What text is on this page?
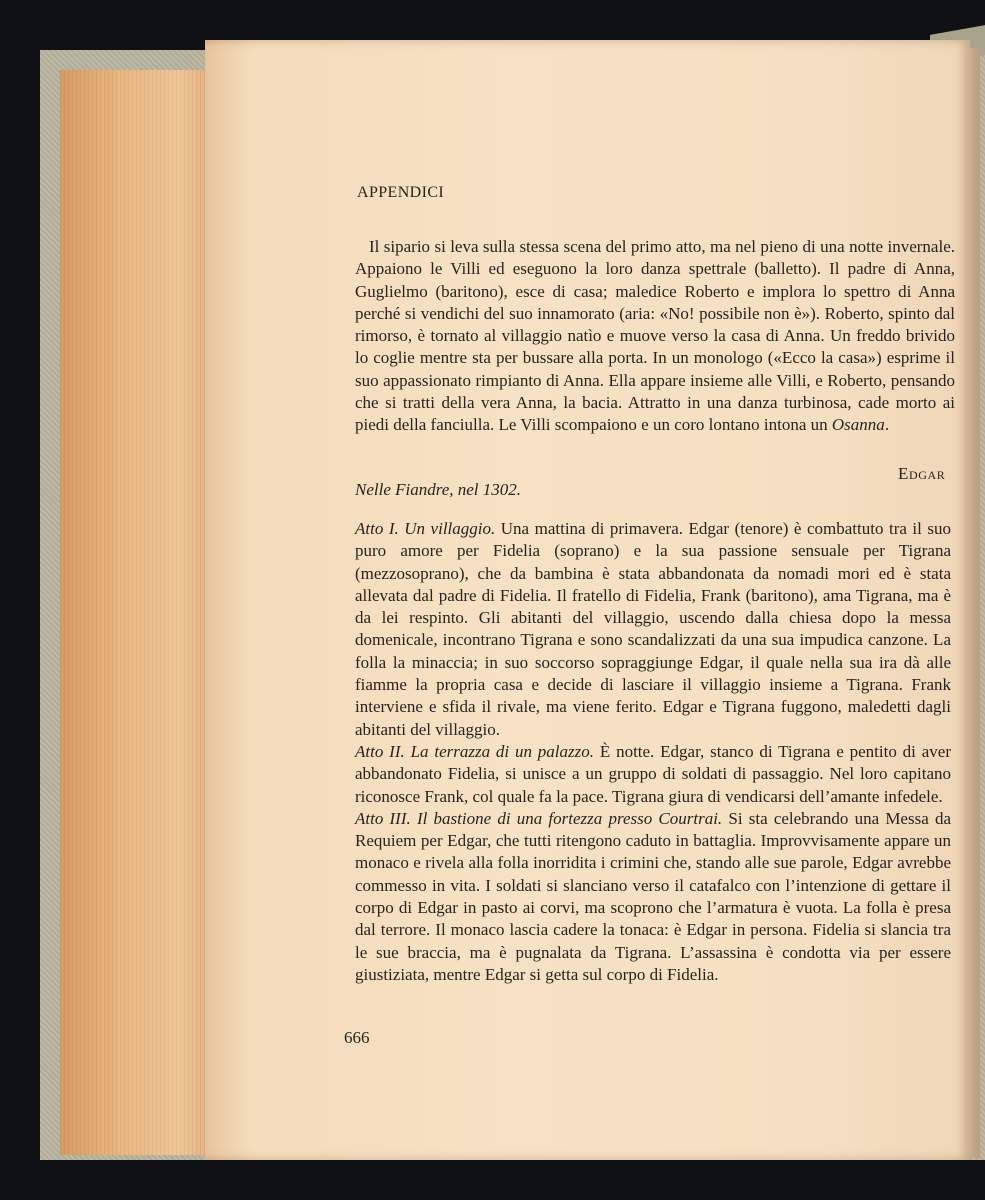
APPENDICI
Il sipario si leva sulla stessa scena del primo atto, ma nel pieno di una notte invernale. Appaiono le Villi ed eseguono la loro danza spettrale (balletto). Il padre di Anna, Guglielmo (baritono), esce di casa; maledice Roberto e implora lo spettro di Anna perché si vendichi del suo innamorato (aria: «No! possibile non è»). Roberto, spinto dal rimorso, è tornato al villaggio natìo e muove verso la casa di Anna. Un freddo brivido lo coglie mentre sta per bussare alla porta. In un monologo («Ecco la casa») esprime il suo appassionato rimpianto di Anna. Ella appare insieme alle Villi, e Roberto, pensando che si tratti della vera Anna, la bacia. Attratto in una danza turbinosa, cade morto ai piedi della fanciulla. Le Villi scompaiono e un coro lontano intona un Osanna.
Edgar
Nelle Fiandre, nel 1302.

Atto I. Un villaggio. Una mattina di primavera. Edgar (tenore) è combattuto tra il suo puro amore per Fidelia (soprano) e la sua passione sensuale per Tigrana (mezzosoprano), che da bambina è stata abbandonata da nomadi mori ed è stata allevata dal padre di Fidelia. Il fratello di Fidelia, Frank (baritono), ama Tigrana, ma è da lei respinto. Gli abitanti del villaggio, uscendo dalla chiesa dopo la messa domenicale, incontrano Tigrana e sono scandalizzati da una sua impudica canzone. La folla la minaccia; in suo soccorso sopraggiunge Edgar, il quale nella sua ira dà alle fiamme la propria casa e decide di lasciare il villaggio insieme a Tigrana. Frank interviene e sfida il rivale, ma viene ferito. Edgar e Tigrana fuggono, maledetti dagli abitanti del villaggio.

Atto II. La terrazza di un palazzo. È notte. Edgar, stanco di Tigrana e pentito di aver abbandonato Fidelia, si unisce a un gruppo di soldati di passaggio. Nel loro capitano riconosce Frank, col quale fa la pace. Tigrana giura di vendicarsi dell’amante infedele.

Atto III. Il bastione di una fortezza presso Courtrai. Si sta celebrando una Messa da Requiem per Edgar, che tutti ritengono caduto in battaglia. Improvvisamente appare un monaco e rivela alla folla inorridita i crimini che, stando alle sue parole, Edgar avrebbe commesso in vita. I soldati si slanciano verso il catafalco con l’intenzione di gettare il corpo di Edgar in pasto ai corvi, ma scoprono che l’armatura è vuota. La folla è presa dal terrore. Il monaco lascia cadere la tonaca: è Edgar in persona. Fidelia si slancia tra le sue braccia, ma è pugnalata da Tigrana. L’assassina è condotta via per essere giustiziata, mentre Edgar si getta sul corpo di Fidelia.

666
